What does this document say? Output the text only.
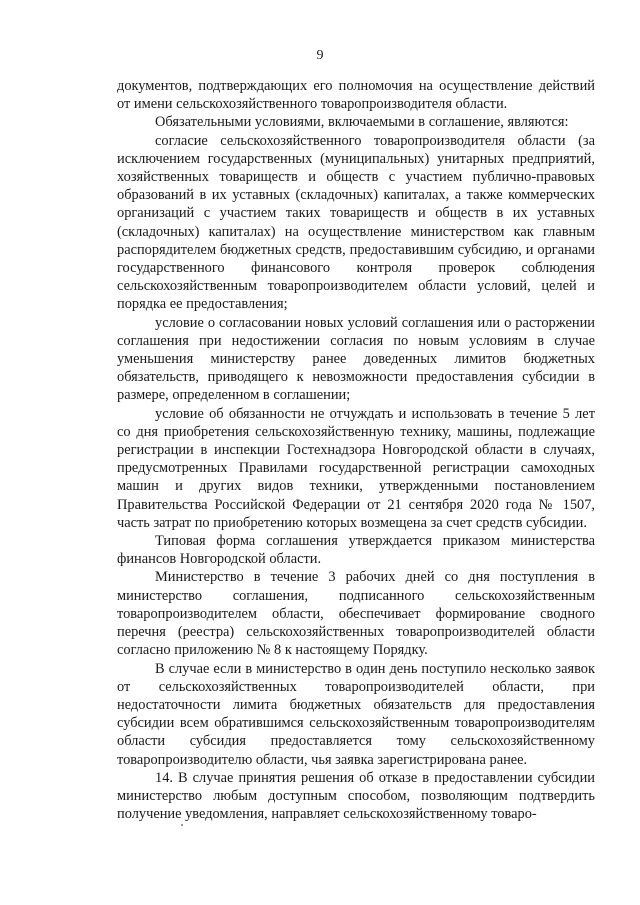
9

документов, подтверждающих его полномочия на осуществление действий от имени сельскохозяйственного товаропроизводителя области.

Обязательными условиями, включаемыми в соглашение, являются:

согласие сельскохозяйственного товаропроизводителя области (за исключением государственных (муниципальных) унитарных предприятий, хозяйственных товариществ и обществ с участием публично-правовых образований в их уставных (складочных) капиталах, а также коммерческих организаций с участием таких товариществ и обществ в их уставных (складочных) капиталах) на осуществление министерством как главным распорядителем бюджетных средств, предоставившим субсидию, и органами государственного финансового контроля проверок соблюдения сельскохозяйственным товаропроизводителем области условий, целей и порядка ее предоставления;

условие о согласовании новых условий соглашения или о расторжении соглашения при недостижении согласия по новым условиям в случае уменьшения министерству ранее доведенных лимитов бюджетных обязательств, приводящего к невозможности предоставления субсидии в размере, определенном в соглашении;

условие об обязанности не отчуждать и использовать в течение 5 лет со дня приобретения сельскохозяйственную технику, машины, подлежащие регистрации в инспекции Гостехнадзора Новгородской области в случаях, предусмотренных Правилами государственной регистрации самоходных машин и других видов техники, утвержденными постановлением Правительства Российской Федерации от 21 сентября 2020 года № 1507, часть затрат по приобретению которых возмещена за счет средств субсидии.

Типовая форма соглашения утверждается приказом министерства финансов Новгородской области.

Министерство в течение 3 рабочих дней со дня поступления в министерство соглашения, подписанного сельскохозяйственным товаропроизводителем области, обеспечивает формирование сводного перечня (реестра) сельскохозяйственных товаропроизводителей области согласно приложению № 8 к настоящему Порядку.

В случае если в министерство в один день поступило несколько заявок от сельскохозяйственных товаропроизводителей области, при недостаточности лимита бюджетных обязательств для предоставления субсидии всем обратившимся сельскохозяйственным товаропроизводителям области субсидия предоставляется тому сельскохозяйственному товаропроизводителю области, чья заявка зарегистрирована ранее.

14. В случае принятия решения об отказе в предоставлении субсидии министерство любым доступным способом, позволяющим подтвердить получение уведомления, направляет сельскохозяйственному товаро-
